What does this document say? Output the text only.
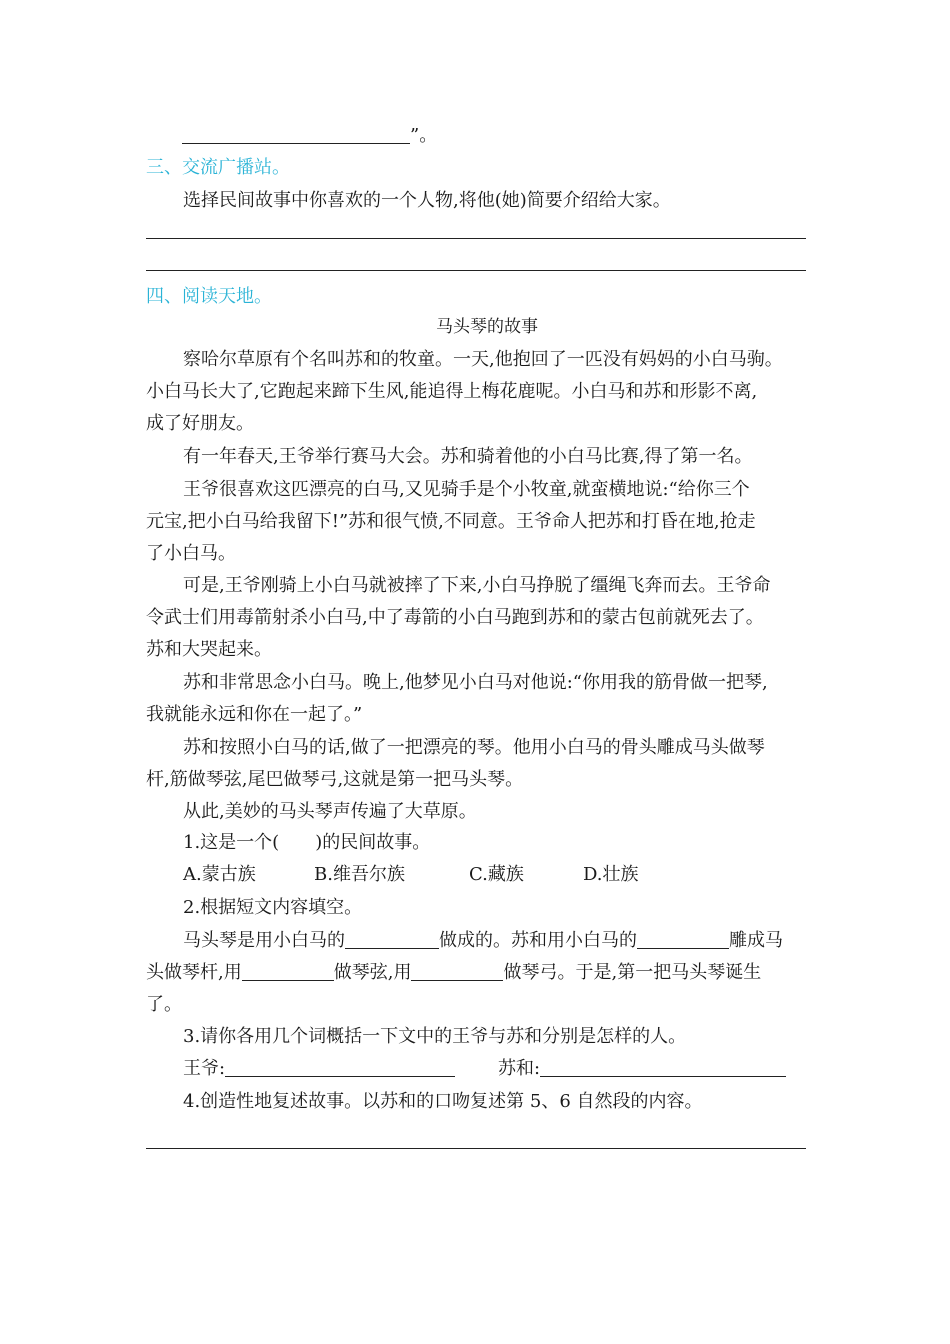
”。
三、交流广播站。
选择民间故事中你喜欢的一个人物,将他(她)简要介绍给大家。
四、阅读天地。
马头琴的故事
察哈尔草原有个名叫苏和的牧童。一天,他抱回了一匹没有妈妈的小白马驹。
小白马长大了,它跑起来蹄下生风,能追得上梅花鹿呢。小白马和苏和形影不离,
成了好朋友。
有一年春天,王爷举行赛马大会。苏和骑着他的小白马比赛,得了第一名。
王爷很喜欢这匹漂亮的白马,又见骑手是个小牧童,就蛮横地说:“给你三个
元宝,把小白马给我留下!”苏和很气愤,不同意。王爷命人把苏和打昏在地,抢走
了小白马。
可是,王爷刚骑上小白马就被摔了下来,小白马挣脱了缰绳飞奔而去。王爷命
令武士们用毒箭射杀小白马,中了毒箭的小白马跑到苏和的蒙古包前就死去了。
苏和大哭起来。
苏和非常思念小白马。晚上,他梦见小白马对他说:“你用我的筋骨做一把琴,
我就能永远和你在一起了。”
苏和按照小白马的话,做了一把漂亮的琴。他用小白马的骨头雕成马头做琴
杆,筋做琴弦,尾巴做琴弓,这就是第一把马头琴。
从此,美妙的马头琴声传遍了大草原。
1.这是一个( )的民间故事。
A.蒙古族	B.维吾尔族	C.藏族	D.壮族
2.根据短文内容填空。
马头琴是用小白马的	做成的。苏和用小白马的	雕成马
头做琴杆,用	做琴弦,用	做琴弓。于是,第一把马头琴诞生
了。
3.请你各用几个词概括一下文中的王爷与苏和分别是怎样的人。
王爷:	苏和:
4.创造性地复述故事。以苏和的口吻复述第 5、6 自然段的内容。
